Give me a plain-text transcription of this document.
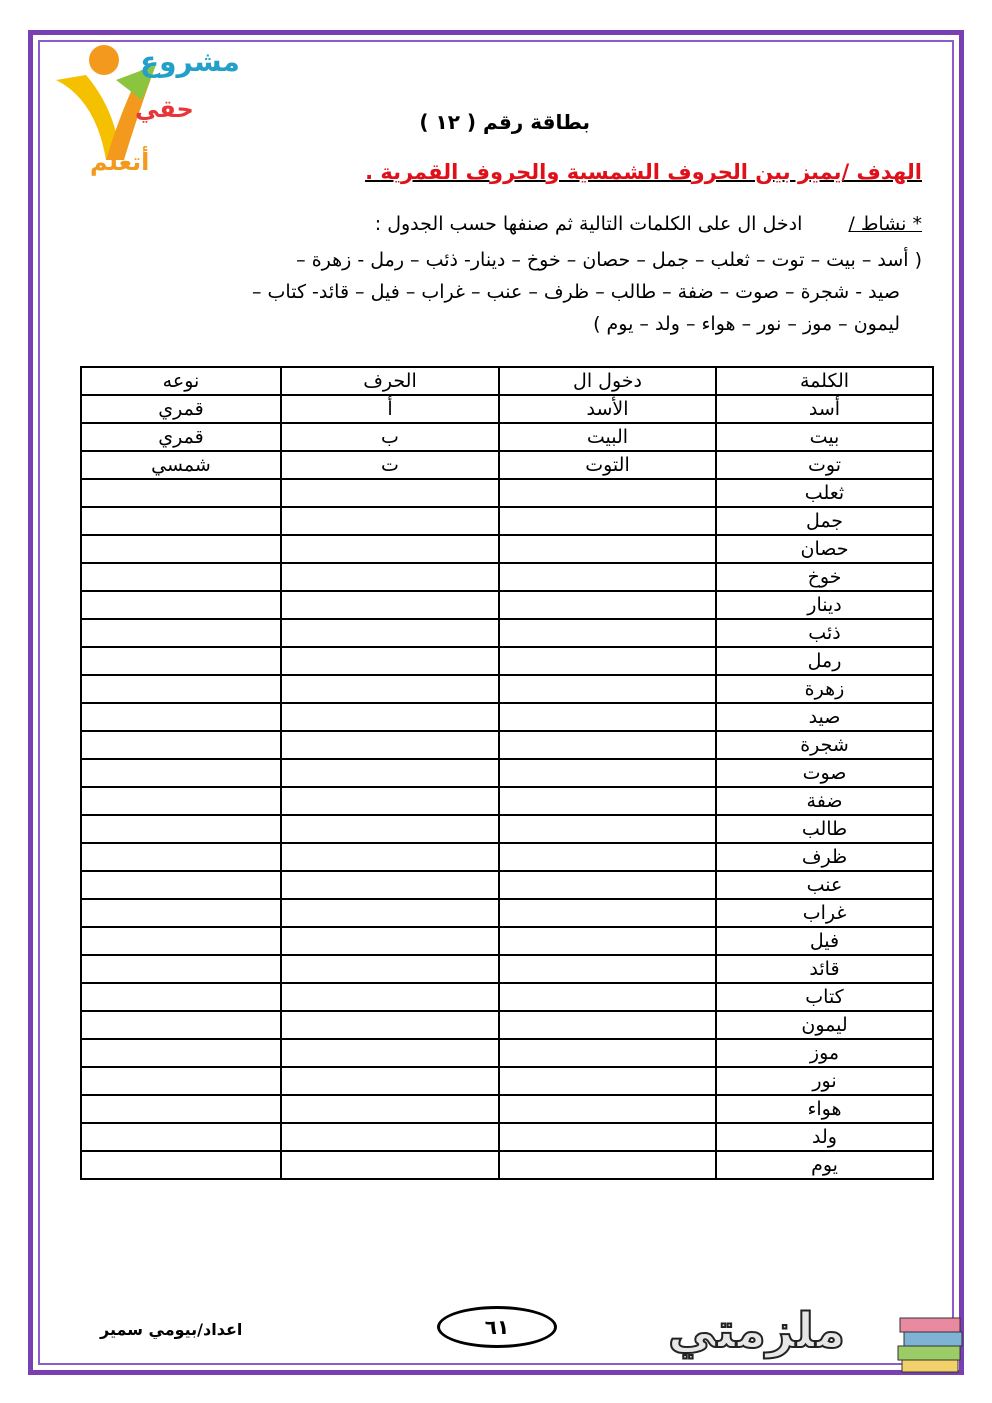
مشروع
حقي
أتعلم
بطاقة رقم ( ١٢ )
الهدف /يميز بين الحروف الشمسية والحروف القمرية .
* نشاط / ادخل ال على الكلمات التالية ثم صنفها حسب الجدول :
( أسد – بيت – توت – ثعلب – جمل – حصان – خوخ – دينار- ذئب – رمل - زهرة –
صيد - شجرة – صوت – ضفة – طالب – ظرف – عنب – غراب – فيل – قائد- كتاب –
ليمون – موز – نور – هواء – ولد – يوم )
الكلمة	دخول ال	الحرف	نوعه
أسد	الأسد	أ	قمري
بيت	البيت	ب	قمري
توت	التوت	ت	شمسي
ثعلب			
جمل			
حصان			
خوخ			
دينار			
ذئب			
رمل			
زهرة			
صيد			
شجرة			
صوت			
ضفة			
طالب			
ظرف			
عنب			
غراب			
فيل			
قائد			
كتاب			
ليمون			
موز			
نور			
هواء			
ولد			
يوم			
اعداد/بيومي سمير	٦١	ملزمتي
